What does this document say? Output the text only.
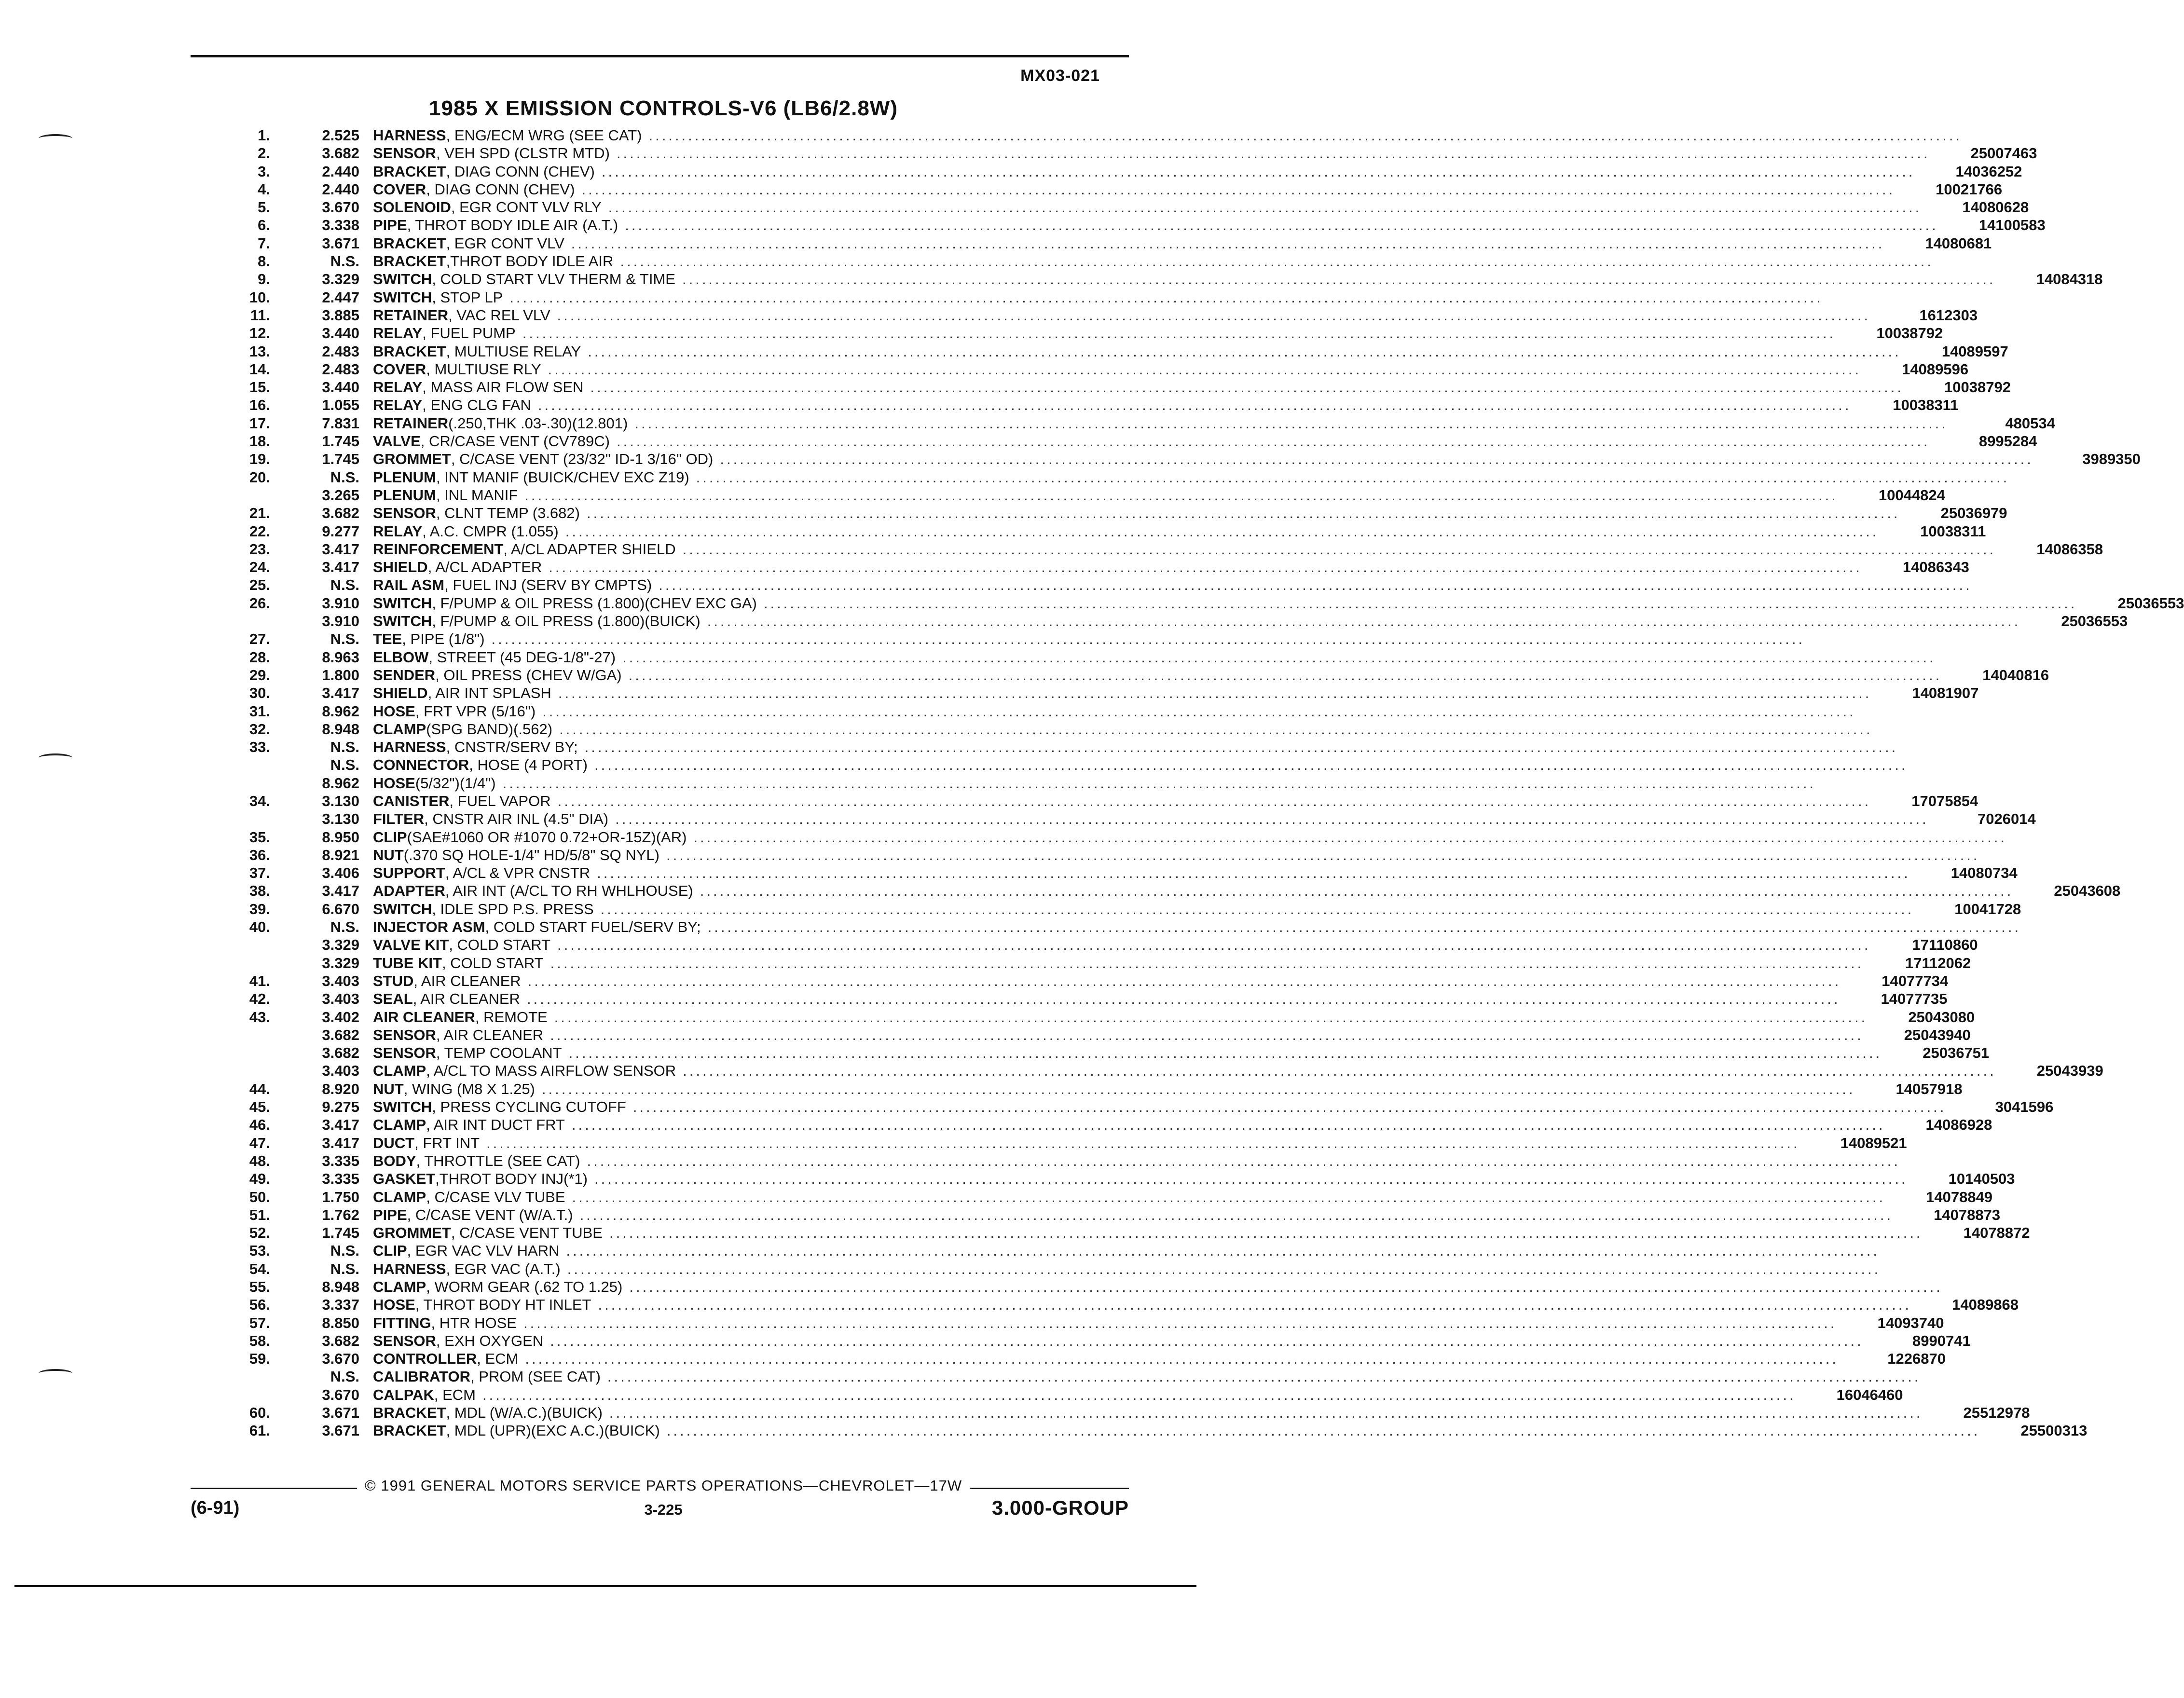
MX03-021
1985 X EMISSION CONTROLS-V6 (LB6/2.8W)
1.	2.525 HARNESS , ENG/ECM WRG (SEE CAT) ........................................................................................................................................................................................................
2.	3.682 SENSOR , VEH SPD (CLSTR MTD) ........................................................................................................................................................................................................	25007463
3.	2.440 BRACKET , DIAG CONN (CHEV) ........................................................................................................................................................................................................	14036252
4.	2.440 COVER , DIAG CONN (CHEV) ........................................................................................................................................................................................................	10021766
5.	3.670 SOLENOID , EGR CONT VLV RLY ........................................................................................................................................................................................................	14080628
6.	3.338 PIPE , THROT BODY IDLE AIR (A.T.) ........................................................................................................................................................................................................	14100583
7.	3.671 BRACKET , EGR CONT VLV ........................................................................................................................................................................................................	14080681
8.	N.S. BRACKET ,THROT BODY IDLE AIR ........................................................................................................................................................................................................
9.	3.329 SWITCH , COLD START VLV THERM & TIME ........................................................................................................................................................................................................	14084318
10.	2.447 SWITCH , STOP LP ........................................................................................................................................................................................................
11.	3.885 RETAINER , VAC REL VLV ........................................................................................................................................................................................................	1612303
12.	3.440 RELAY , FUEL PUMP ........................................................................................................................................................................................................	10038792
13.	2.483 BRACKET , MULTIUSE RELAY ........................................................................................................................................................................................................	14089597
14.	2.483 COVER , MULTIUSE RLY ........................................................................................................................................................................................................	14089596
15.	3.440 RELAY , MASS AIR FLOW SEN ........................................................................................................................................................................................................	10038792
16.	1.055 RELAY , ENG CLG FAN ........................................................................................................................................................................................................	10038311
17.	7.831 RETAINER (.250,THK .03-.30)(12.801) ........................................................................................................................................................................................................	480534
18.	1.745 VALVE , CR/CASE VENT (CV789C) ........................................................................................................................................................................................................	8995284
19.	1.745 GROMMET , C/CASE VENT (23/32" ID-1 3/16" OD) ........................................................................................................................................................................................................	3989350
20.	N.S. PLENUM , INT MANIF (BUICK/CHEV EXC Z19) ........................................................................................................................................................................................................
3.265 PLENUM , INL MANIF ........................................................................................................................................................................................................	10044824
21.	3.682 SENSOR , CLNT TEMP (3.682) ........................................................................................................................................................................................................	25036979
22.	9.277 RELAY , A.C. CMPR (1.055) ........................................................................................................................................................................................................	10038311
23.	3.417 REINFORCEMENT , A/CL ADAPTER SHIELD ........................................................................................................................................................................................................	14086358
24.	3.417 SHIELD , A/CL ADAPTER ........................................................................................................................................................................................................	14086343
25.	N.S. RAIL ASM , FUEL INJ (SERV BY CMPTS) ........................................................................................................................................................................................................
26.	3.910 SWITCH , F/PUMP & OIL PRESS (1.800)(CHEV EXC GA) ........................................................................................................................................................................................................	25036553
3.910 SWITCH , F/PUMP & OIL PRESS (1.800)(BUICK) ........................................................................................................................................................................................................	25036553
27.	N.S. TEE , PIPE (1/8") ........................................................................................................................................................................................................
28.	8.963 ELBOW , STREET (45 DEG-1/8"-27) ........................................................................................................................................................................................................
29.	1.800 SENDER , OIL PRESS (CHEV W/GA) ........................................................................................................................................................................................................	14040816
30.	3.417 SHIELD , AIR INT SPLASH ........................................................................................................................................................................................................	14081907
31.	8.962 HOSE , FRT VPR (5/16") ........................................................................................................................................................................................................
32.	8.948 CLAMP (SPG BAND)(.562) ........................................................................................................................................................................................................
33.	N.S. HARNESS , CNSTR/SERV BY; ........................................................................................................................................................................................................
N.S. CONNECTOR , HOSE (4 PORT) ........................................................................................................................................................................................................
8.962 HOSE (5/32")(1/4") ........................................................................................................................................................................................................
34.	3.130 CANISTER , FUEL VAPOR ........................................................................................................................................................................................................	17075854
3.130 FILTER , CNSTR AIR INL (4.5" DIA) ........................................................................................................................................................................................................	7026014
35.	8.950 CLIP (SAE#1060 OR #1070 0.72+OR-15Z)(AR) ........................................................................................................................................................................................................
36.	8.921 NUT (.370 SQ HOLE-1/4" HD/5/8" SQ NYL) ........................................................................................................................................................................................................
37.	3.406 SUPPORT , A/CL & VPR CNSTR ........................................................................................................................................................................................................	14080734
38.	3.417 ADAPTER , AIR INT (A/CL TO RH WHLHOUSE) ........................................................................................................................................................................................................	25043608
39.	6.670 SWITCH , IDLE SPD P.S. PRESS ........................................................................................................................................................................................................	10041728
40.	N.S. INJECTOR ASM , COLD START FUEL/SERV BY; ........................................................................................................................................................................................................
3.329 VALVE KIT , COLD START ........................................................................................................................................................................................................	17110860
3.329 TUBE KIT , COLD START ........................................................................................................................................................................................................	17112062
41.	3.403 STUD , AIR CLEANER ........................................................................................................................................................................................................	14077734
42.	3.403 SEAL , AIR CLEANER ........................................................................................................................................................................................................	14077735
43.	3.402 AIR CLEANER , REMOTE ........................................................................................................................................................................................................	25043080
3.682 SENSOR , AIR CLEANER ........................................................................................................................................................................................................	25043940
3.682 SENSOR , TEMP COOLANT ........................................................................................................................................................................................................	25036751
3.403 CLAMP , A/CL TO MASS AIRFLOW SENSOR ........................................................................................................................................................................................................	25043939
44.	8.920 NUT , WING (M8 X 1.25) ........................................................................................................................................................................................................	14057918
45.	9.275 SWITCH , PRESS CYCLING CUTOFF ........................................................................................................................................................................................................	3041596
46.	3.417 CLAMP , AIR INT DUCT FRT ........................................................................................................................................................................................................	14086928
47.	3.417 DUCT , FRT INT ........................................................................................................................................................................................................	14089521
48.	3.335 BODY , THROTTLE (SEE CAT) ........................................................................................................................................................................................................
49.	3.335 GASKET ,THROT BODY INJ(*1) ........................................................................................................................................................................................................	10140503
50.	1.750 CLAMP , C/CASE VLV TUBE ........................................................................................................................................................................................................	14078849
51.	1.762 PIPE , C/CASE VENT (W/A.T.) ........................................................................................................................................................................................................	14078873
52.	1.745 GROMMET , C/CASE VENT TUBE ........................................................................................................................................................................................................	14078872
53.	N.S. CLIP , EGR VAC VLV HARN ........................................................................................................................................................................................................
54.	N.S. HARNESS , EGR VAC (A.T.) ........................................................................................................................................................................................................
55.	8.948 CLAMP , WORM GEAR (.62 TO 1.25) ........................................................................................................................................................................................................
56.	3.337 HOSE , THROT BODY HT INLET ........................................................................................................................................................................................................	14089868
57.	8.850 FITTING , HTR HOSE ........................................................................................................................................................................................................	14093740
58.	3.682 SENSOR , EXH OXYGEN ........................................................................................................................................................................................................	8990741
59.	3.670 CONTROLLER , ECM ........................................................................................................................................................................................................	1226870
N.S. CALIBRATOR , PROM (SEE CAT) ........................................................................................................................................................................................................
3.670 CALPAK , ECM ........................................................................................................................................................................................................	16046460
60.	3.671 BRACKET , MDL (W/A.C.)(BUICK) ........................................................................................................................................................................................................	25512978
61.	3.671 BRACKET , MDL (UPR)(EXC A.C.)(BUICK) ........................................................................................................................................................................................................	25500313
© 1991 GENERAL MOTORS SERVICE PARTS OPERATIONS—CHEVROLET—17W
(6-91)	3-225	3.000-GROUP
